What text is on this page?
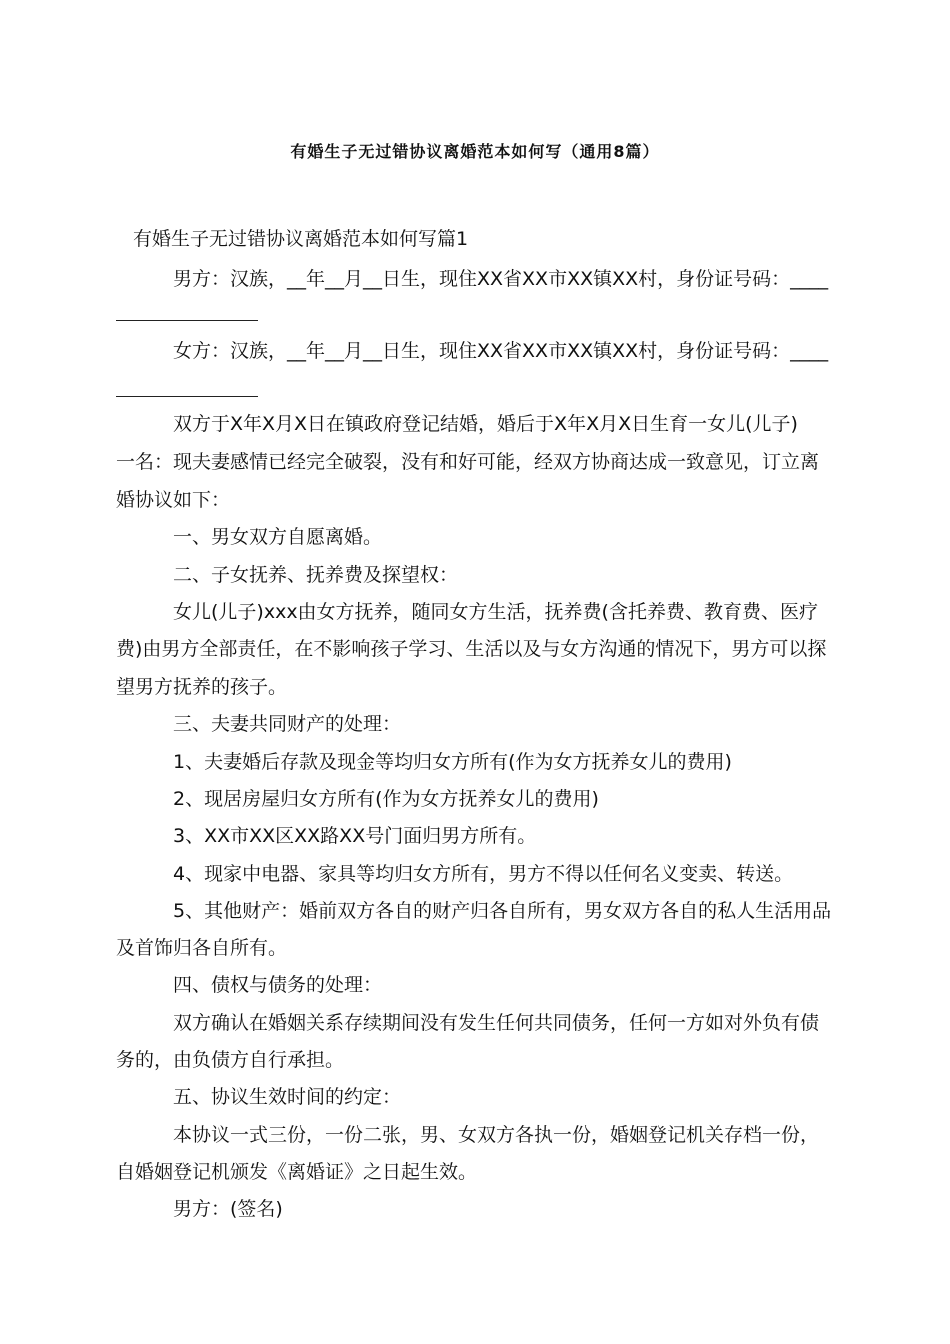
有婚生子无过错协议离婚范本如何写（通用8篇）
有婚生子无过错协议离婚范本如何写篇1
男方：汉族，__年__月__日生，现住XX省XX市XX镇XX村，身份证号码：____
女方：汉族，__年__月__日生，现住XX省XX市XX镇XX村，身份证号码：____
双方于X年X月X日在镇政府登记结婚，婚后于X年X月X日生育一女儿(儿子)
一名：现夫妻感情已经完全破裂，没有和好可能，经双方协商达成一致意见，订立离
婚协议如下：
一、男女双方自愿离婚。
二、子女抚养、抚养费及探望权：
女儿(儿子)xxx由女方抚养，随同女方生活，抚养费(含托养费、教育费、医疗
费)由男方全部责任，在不影响孩子学习、生活以及与女方沟通的情况下，男方可以探
望男方抚养的孩子。
三、夫妻共同财产的处理：
1、夫妻婚后存款及现金等均归女方所有(作为女方抚养女儿的费用)
2、现居房屋归女方所有(作为女方抚养女儿的费用)
3、XX市XX区XX路XX号门面归男方所有。
4、现家中电器、家具等均归女方所有，男方不得以任何名义变卖、转送。
5、其他财产：婚前双方各自的财产归各自所有，男女双方各自的私人生活用品
及首饰归各自所有。
四、债权与债务的处理：
双方确认在婚姻关系存续期间没有发生任何共同债务，任何一方如对外负有债
务的，由负债方自行承担。
五、协议生效时间的约定：
本协议一式三份，一份二张，男、女双方各执一份，婚姻登记机关存档一份，
自婚姻登记机颁发《离婚证》之日起生效。
男方：(签名)
